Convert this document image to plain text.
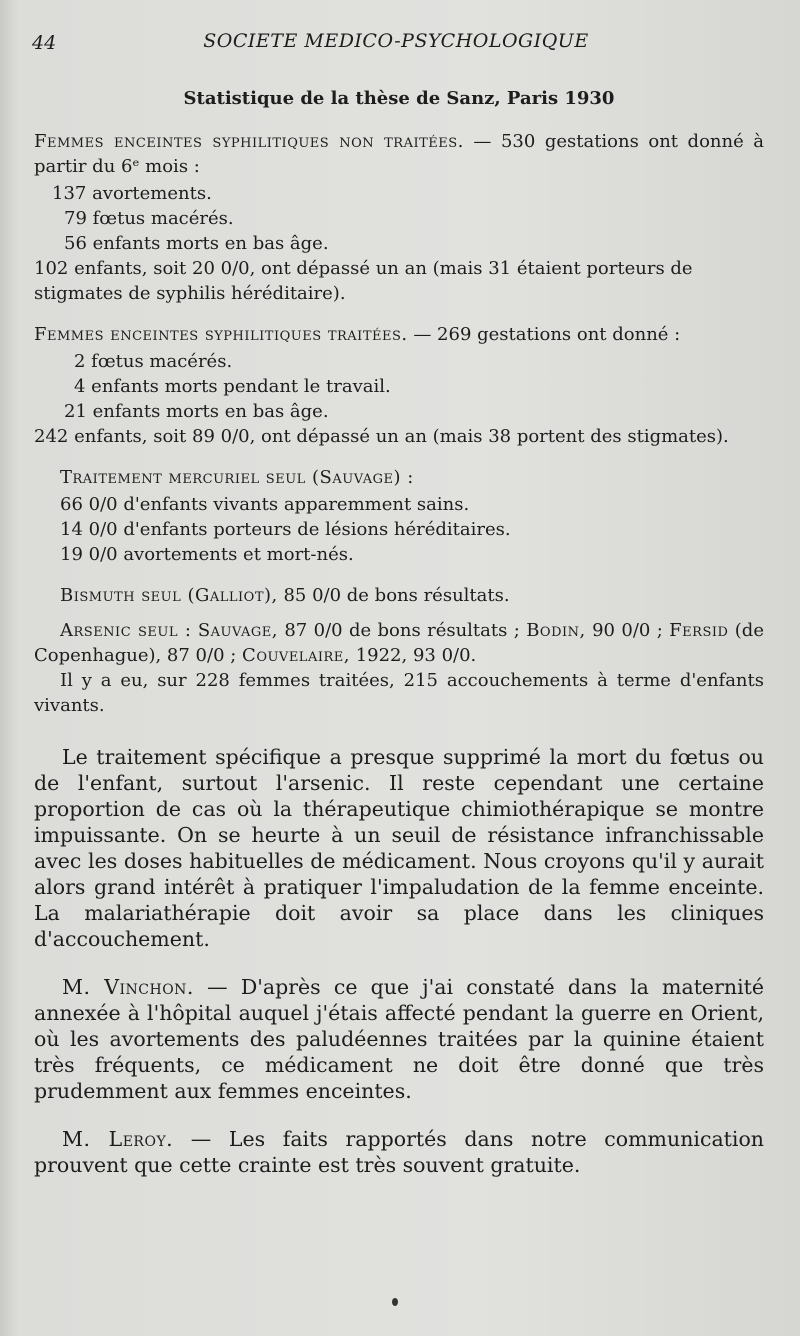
44	SOCIETE MEDICO-PSYCHOLOGIQUE
Statistique de la thèse de Sanz, Paris 1930

Femmes enceintes syphilitiques non traitées. — 530 gestations ont donné à partir du 6ᵉ mois :

137 avortements.
79 fœtus macérés.
56 enfants morts en bas âge.
102 enfants, soit 20 0/0, ont dépassé un an (mais 31 étaient porteurs de stigmates de syphilis héréditaire).

Femmes enceintes syphilitiques traitées. — 269 gestations ont donné :

2 fœtus macérés.
4 enfants morts pendant le travail.
21 enfants morts en bas âge.
242 enfants, soit 89 0/0, ont dépassé un an (mais 38 portent des stigmates).

Traitement mercuriel seul (Sauvage) :

66 0/0 d'enfants vivants apparemment sains.
14 0/0 d'enfants porteurs de lésions héréditaires.
19 0/0 avortements et mort-nés.

Bismuth seul (Galliot), 85 0/0 de bons résultats.

Arsenic seul : Sauvage, 87 0/0 de bons résultats ; Bodin, 90 0/0 ; Fersid (de Copenhague), 87 0/0 ; Couvelaire, 1922, 93 0/0.

Il y a eu, sur 228 femmes traitées, 215 accouchements à terme d'enfants vivants.

Le traitement spécifique a presque supprimé la mort du fœtus ou de l'enfant, surtout l'arsenic. Il reste cependant une certaine proportion de cas où la thérapeutique chimiothérapique se montre impuissante. On se heurte à un seuil de résistance infranchissable avec les doses habituelles de médicament. Nous croyons qu'il y aurait alors grand intérêt à pratiquer l'impaludation de la femme enceinte. La malariathérapie doit avoir sa place dans les cliniques d'accouchement.

M. Vinchon. — D'après ce que j'ai constaté dans la maternité annexée à l'hôpital auquel j'étais affecté pendant la guerre en Orient, où les avortements des paludéennes traitées par la quinine étaient très fréquents, ce médicament ne doit être donné que très prudemment aux femmes enceintes.

M. Leroy. — Les faits rapportés dans notre communication prouvent que cette crainte est très souvent gratuite.
